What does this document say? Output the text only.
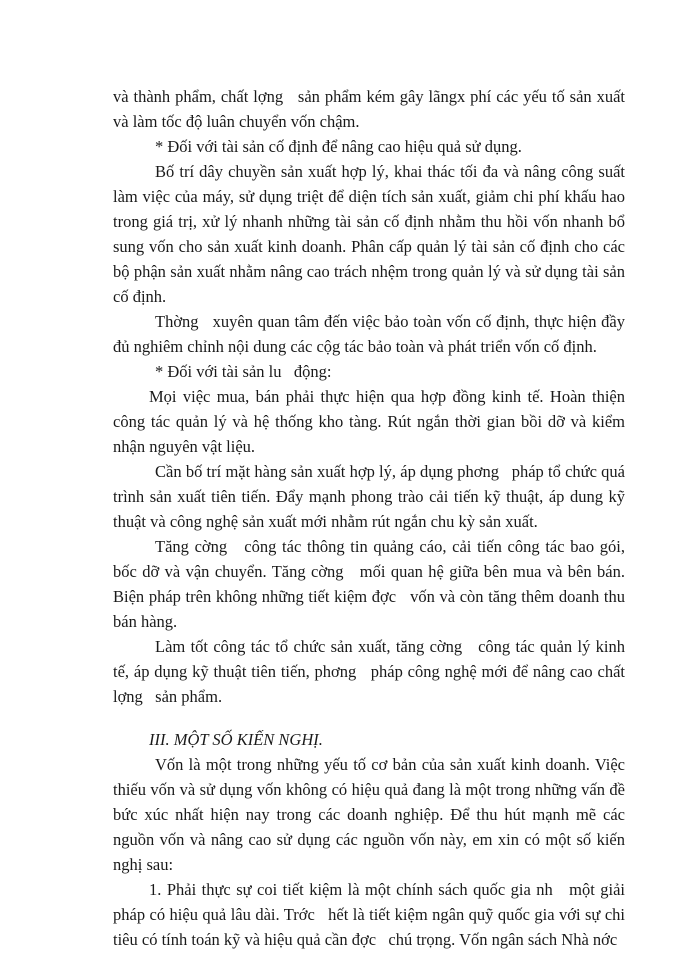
và thành phẩm, chất lợng   sản phẩm kém gây lãngx phí các yếu tố sản xuất và làm tốc độ luân chuyển vốn chậm.

* Đối với tài sản cố định để nâng cao hiệu quả sử dụng.

Bố trí dây chuyền sản xuất hợp lý, khai thác tối đa và nâng công suất làm việc của máy, sử dụng triệt để diện tích sản xuất, giảm chi phí khấu hao trong giá trị, xử lý nhanh những tài sản cố định nhằm thu hồi vốn nhanh bổ sung vốn cho sản xuất kinh doanh. Phân cấp quản lý tài sản cố định cho các bộ phận sản xuất nhằm nâng cao trách nhệm trong quản lý và sử dụng tài sản cố định.

Thờng   xuyên quan tâm đến việc bảo toàn vốn cố định, thực hiện đầy đủ nghiêm chỉnh nội dung các cộg tác bảo toàn và phát triển vốn cố định.

* Đối với tài sản lu   động:

Mọi việc mua, bán phải thực hiện qua hợp đồng kinh tế. Hoàn thiện công tác quản lý và hệ thống kho tàng. Rút ngắn thời gian bồi dỡ và kiểm nhận nguyên vật liệu.

Cần bố trí mặt hàng sản xuất hợp lý, áp dụng phơng   pháp tổ chức quá trình sản xuất tiên tiến. Đẩy mạnh phong trào cải tiến kỹ thuật, áp dung kỹ thuật và công nghệ sản xuất mới nhằm rút ngắn chu kỳ sản xuất.

Tăng cờng   công tác thông tin quảng cáo, cải tiến công tác bao gói, bốc dỡ và vận chuyển. Tăng cờng   mối quan hệ giữa bên mua và bên bán. Biện pháp trên không những tiết kiệm đợc   vốn và còn tăng thêm doanh thu bán hàng.

Làm tốt công tác tổ chức sản xuất, tăng cờng   công tác quản lý kinh tế, áp dụng kỹ thuật tiên tiến, phơng   pháp công nghệ mới để nâng cao chất lợng   sản phẩm.

III. MỘT SỐ KIẾN NGHỊ.

Vốn là một trong những yếu tố cơ bản của sản xuất kinh doanh. Việc thiếu vốn và sử dụng vốn không có hiệu quả đang là một trong những vấn đề bức xúc nhất hiện nay trong các doanh nghiệp. Để thu hút mạnh mẽ các nguồn vốn và nâng cao sử dụng các nguồn vốn này, em xin có một số kiến nghị sau:

1. Phải thực sự coi tiết kiệm là một chính sách quốc gia nh   một giải pháp có hiệu quả lâu dài. Trớc   hết là tiết kiệm ngân quỹ quốc gia với sự chi tiêu có tính toán kỹ và hiệu quả cần đợc   chú trọng. Vốn ngân sách Nhà nớc
